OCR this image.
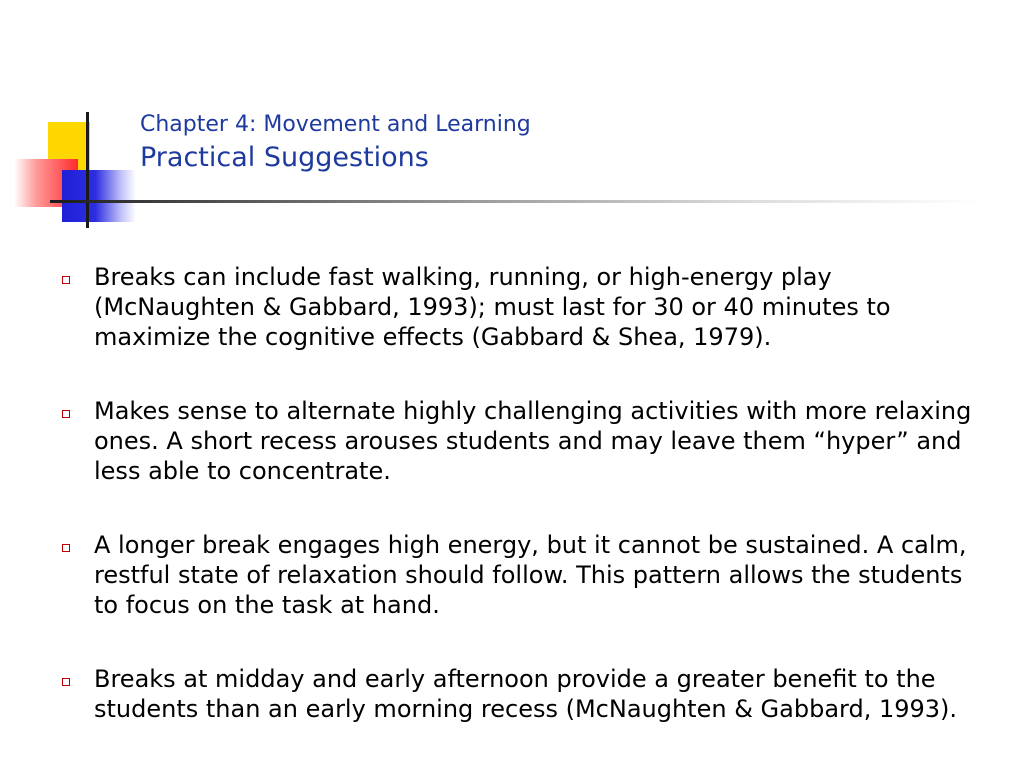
Chapter 4: Movement and Learning
Practical Suggestions
Breaks can include fast walking, running, or high-energy play (McNaughten & Gabbard, 1993); must last for 30 or 40 minutes to maximize the cognitive effects (Gabbard & Shea, 1979).
Makes sense to alternate highly challenging activities with more relaxing ones. A short recess arouses students and may leave them “hyper” and less able to concentrate.
A longer break engages high energy, but it cannot be sustained. A calm, restful state of relaxation should follow. This pattern allows the students to focus on the task at hand.
Breaks at midday and early afternoon provide a greater benefit to the students than an early morning recess (McNaughten & Gabbard, 1993).
